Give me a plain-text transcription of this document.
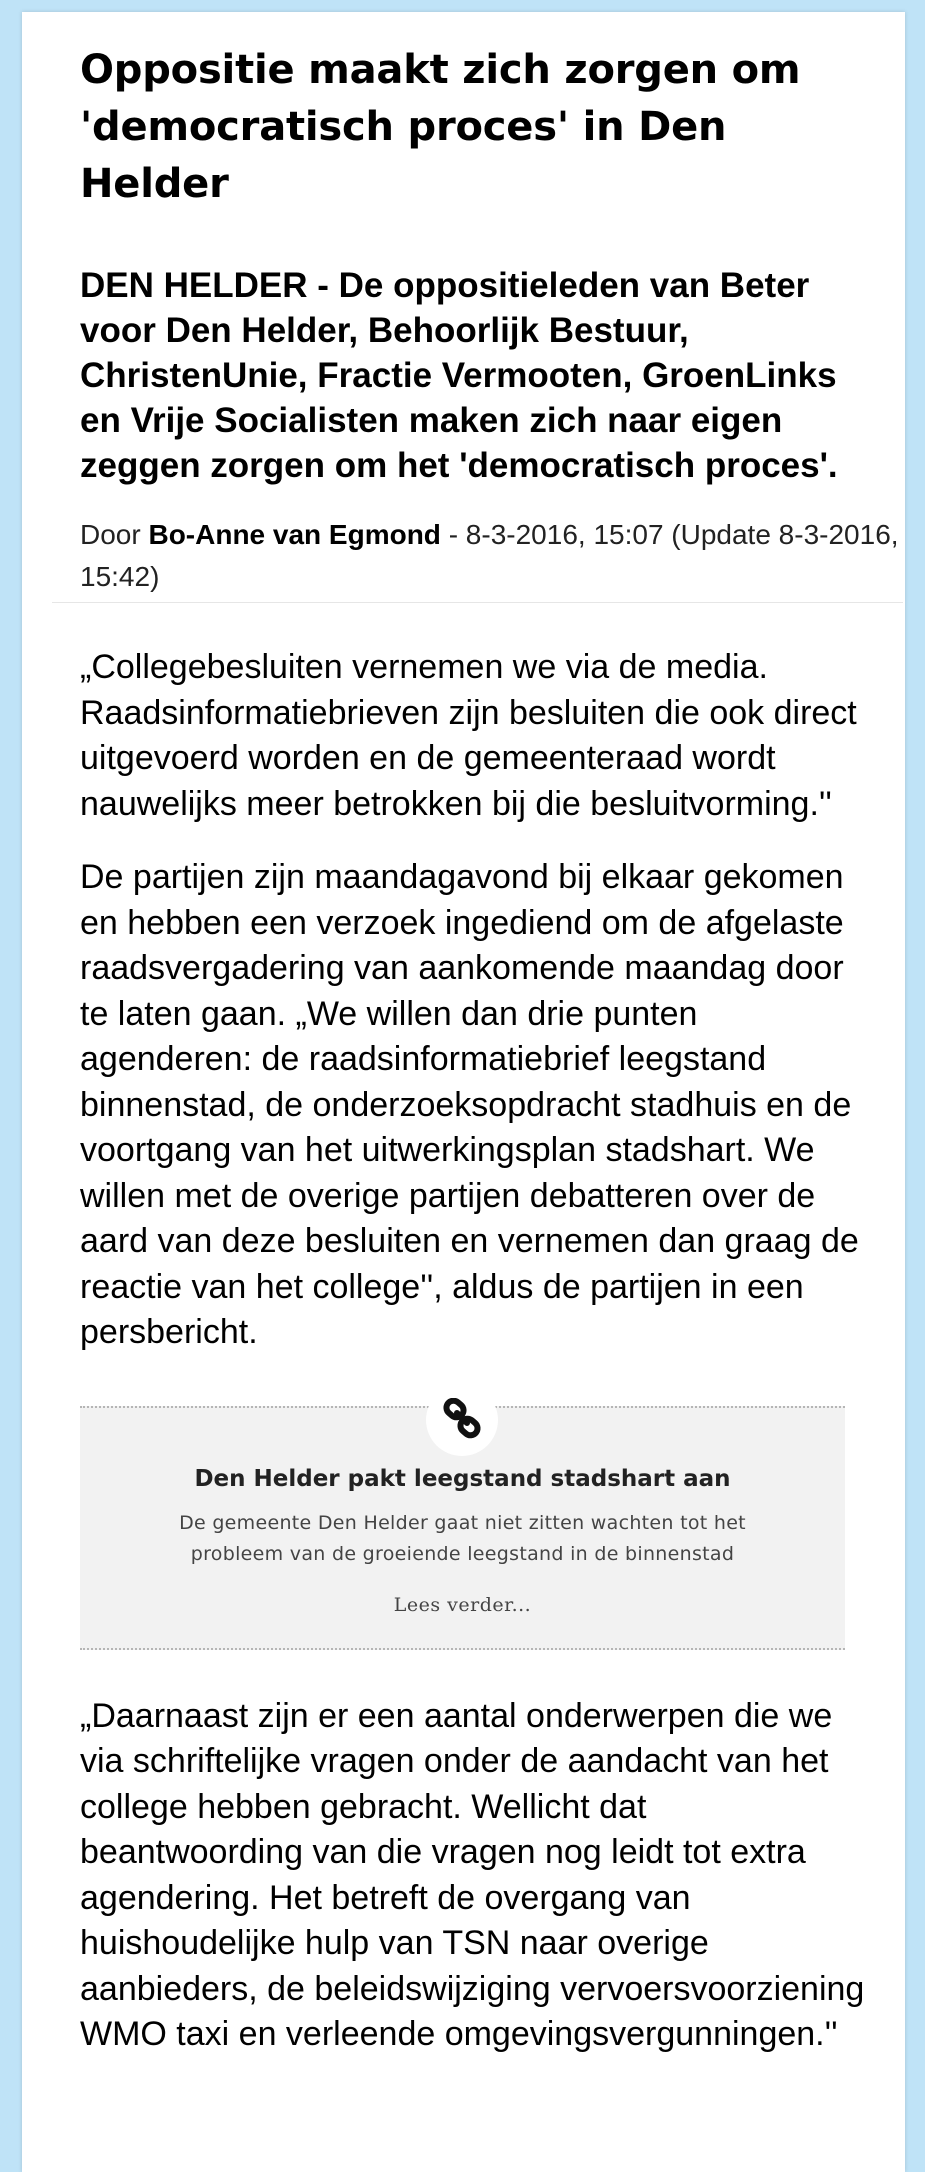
Oppositie maakt zich zorgen om 'democratisch proces' in Den Helder

DEN HELDER - De oppositieleden van Beter voor Den Helder, Behoorlijk Bestuur, ChristenUnie, Fractie Vermooten, GroenLinks en Vrije Socialisten maken zich naar eigen zeggen zorgen om het 'democratisch proces'.

Door Bo-Anne van Egmond - 8-3-2016, 15:07 (Update 8-3-2016, 15:42)

„Collegebesluiten vernemen we via de media. Raadsinformatiebrieven zijn besluiten die ook direct uitgevoerd worden en de gemeenteraad wordt nauwelijks meer betrokken bij die besluitvorming.''

De partijen zijn maandagavond bij elkaar gekomen en hebben een verzoek ingediend om de afgelaste raadsvergadering van aankomende maandag door te laten gaan. „We willen dan drie punten agenderen: de raadsinformatiebrief leegstand binnenstad, de onderzoeksopdracht stadhuis en de voortgang van het uitwerkingsplan stadshart. We willen met de overige partijen debatteren over de aard van deze besluiten en vernemen dan graag de reactie van het college'', aldus de partijen in een persbericht.

Den Helder pakt leegstand stadshart aan
De gemeente Den Helder gaat niet zitten wachten tot het probleem van de groeiende leegstand in de binnenstad
Lees verder...

„Daarnaast zijn er een aantal onderwerpen die we via schriftelijke vragen onder de aandacht van het college hebben gebracht. Wellicht dat beantwoording van die vragen nog leidt tot extra agendering. Het betreft de overgang van huishoudelijke hulp van TSN naar overige aanbieders, de beleidswijziging vervoersvoorziening WMO taxi en verleende omgevingsvergunningen.''
